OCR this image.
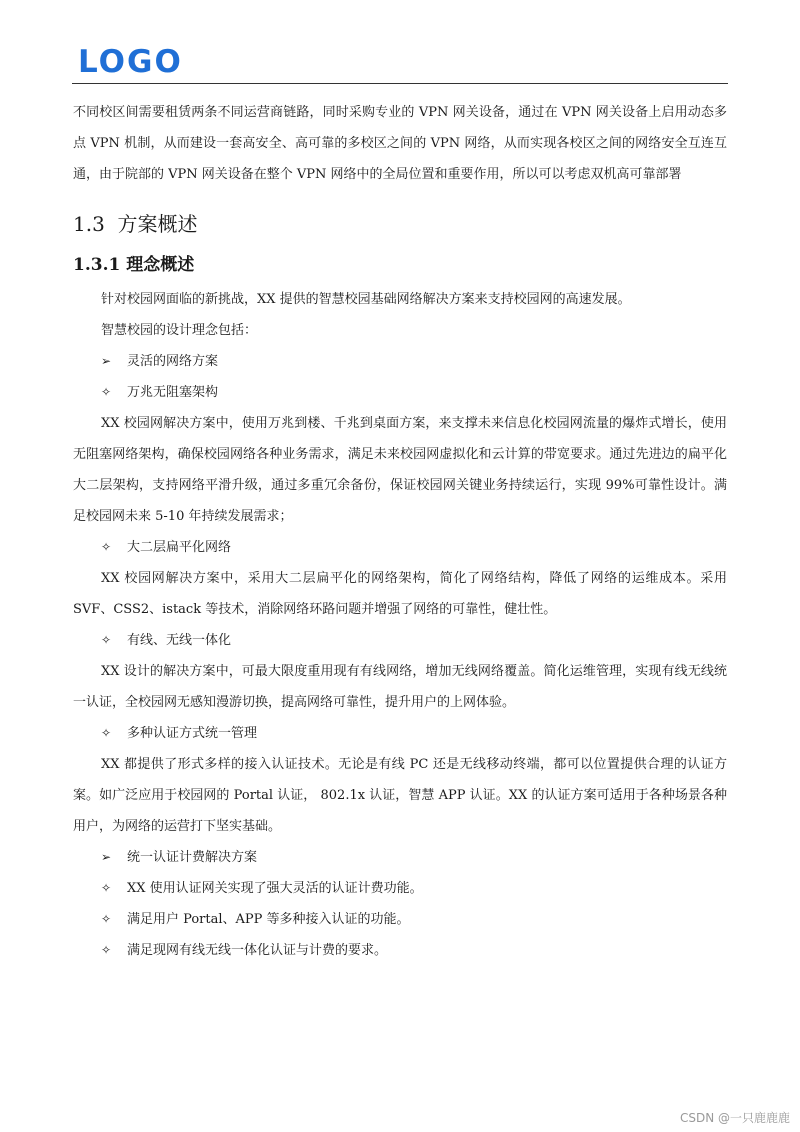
LOGO

不同校区间需要租赁两条不同运营商链路，同时采购专业的 VPN 网关设备，通过在 VPN 网关设备上启用动态多点 VPN 机制，从而建设一套高安全、高可靠的多校区之间的 VPN 网络，从而实现各校区之间的网络安全互连互通，由于院部的 VPN 网关设备在整个 VPN 网络中的全局位置和重要作用，所以可以考虑双机高可靠部署

1.3 方案概述
1.3.1 理念概述

针对校园网面临的新挑战，XX 提供的智慧校园基础网络解决方案来支持校园网的高速发展。

智慧校园的设计理念包括：

➢	灵活的网络方案
✧	万兆无阻塞架构

XX 校园网解决方案中，使用万兆到楼、千兆到桌面方案，来支撑未来信息化校园网流量的爆炸式增长，使用无阻塞网络架构，确保校园网络各种业务需求，满足未来校园网虚拟化和云计算的带宽要求。通过先进边的扁平化大二层架构，支持网络平滑升级，通过多重冗余备份，保证校园网关键业务持续运行，实现 99%可靠性设计。满足校园网未来 5-10 年持续发展需求；

✧	大二层扁平化网络

XX 校园网解决方案中，采用大二层扁平化的网络架构，简化了网络结构，降低了网络的运维成本。采用 SVF、CSS2、istack 等技术，消除网络环路问题并增强了网络的可靠性，健壮性。

✧	有线、无线一体化

XX 设计的解决方案中，可最大限度重用现有有线网络，增加无线网络覆盖。简化运维管理，实现有线无线统一认证，全校园网无感知漫游切换，提高网络可靠性，提升用户的上网体验。

✧	多种认证方式统一管理

XX 都提供了形式多样的接入认证技术。无论是有线 PC 还是无线移动终端，都可以位置提供合理的认证方案。如广泛应用于校园网的 Portal 认证， 802.1x 认证，智慧 APP 认证。XX 的认证方案可适用于各种场景各种用户，为网络的运营打下坚实基础。

➢	统一认证计费解决方案
✧	XX 使用认证网关实现了强大灵活的认证计费功能。
✧	满足用户 Portal、APP 等多种接入认证的功能。
✧	满足现网有线无线一体化认证与计费的要求。
CSDN @一只鹿鹿鹿
